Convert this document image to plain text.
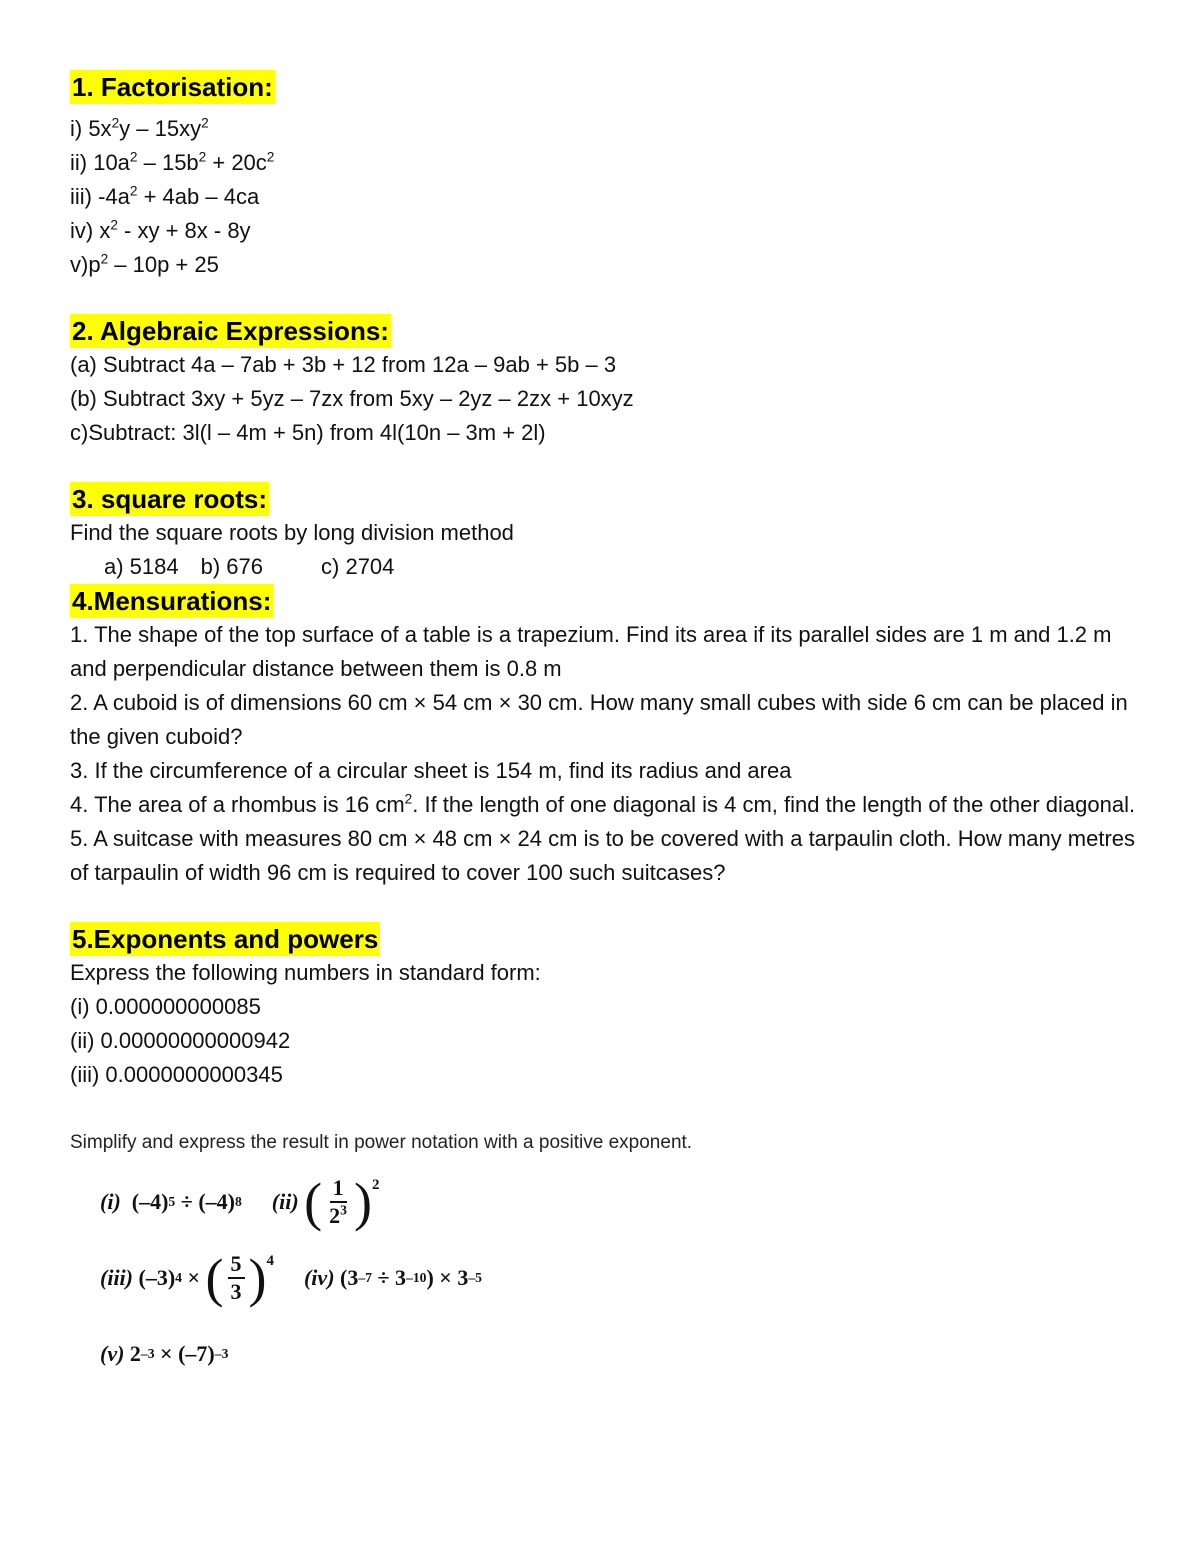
1. Factorisation:

i) $5x^2y - 15xy^2$

ii) $10a^2 - 15b^2 + 20c^2$

iii) $-4a^2 + 4ab - 4ca$

iv) $x^2$ - xy + 8x - 8y

$v)p^2 - 10p + 25$

2. Algebraic Expressions:

(a) Subtract 4a – 7ab + 3b + 12 from 12a – 9ab + 5b – 3

(b) Subtract 3xy + 5yz – 7zx from 5xy – 2yz – 2zx + 10xyz

c)Subtract: 3l(l – 4m + 5n) from 4l(10n – 3m + 2l)

3. square roots:

Find the square roots by long division method

a) 5184 b) 676	c) 2704

4.Mensurations:

1. The shape of the top surface of a table is a trapezium. Find its area if its parallel sides are 1 m and 1.2 m and perpendicular distance between them is 0.8 m

2. A cuboid is of dimensions 60 cm × 54 cm × 30 cm. How many small cubes with side 6 cm can be placed in the given cuboid?

3. If the circumference of a circular sheet is 154 m, find its radius and area

4. The area of a rhombus is 16 $cm^2$. If the length of one diagonal is 4 cm, find the length of the other diagonal.

5. A suitcase with measures 80 cm × 48 cm × 24 cm is to be covered with a tarpaulin cloth. How many metres of tarpaulin of width 96 cm is required to cover 100 such suitcases?

5.Exponents and powers

Express the following numbers in standard form:

(i) 0.000000000085

(ii) 0.00000000000942

(iii) 0.0000000000345

Simplify and express the result in power notation with a positive exponent.
(i)
(–4) 5 ÷ (–4) 8 (ii)
( $\frac{1}{2^3}$ ) 2
(iii)
(–3) 4 × ( $\frac{5}{3}$ ) 4
(iv)
(3 –7 ÷ 3 –10 ) × 3 –5
(v)
2 –3 × (–7) –3
